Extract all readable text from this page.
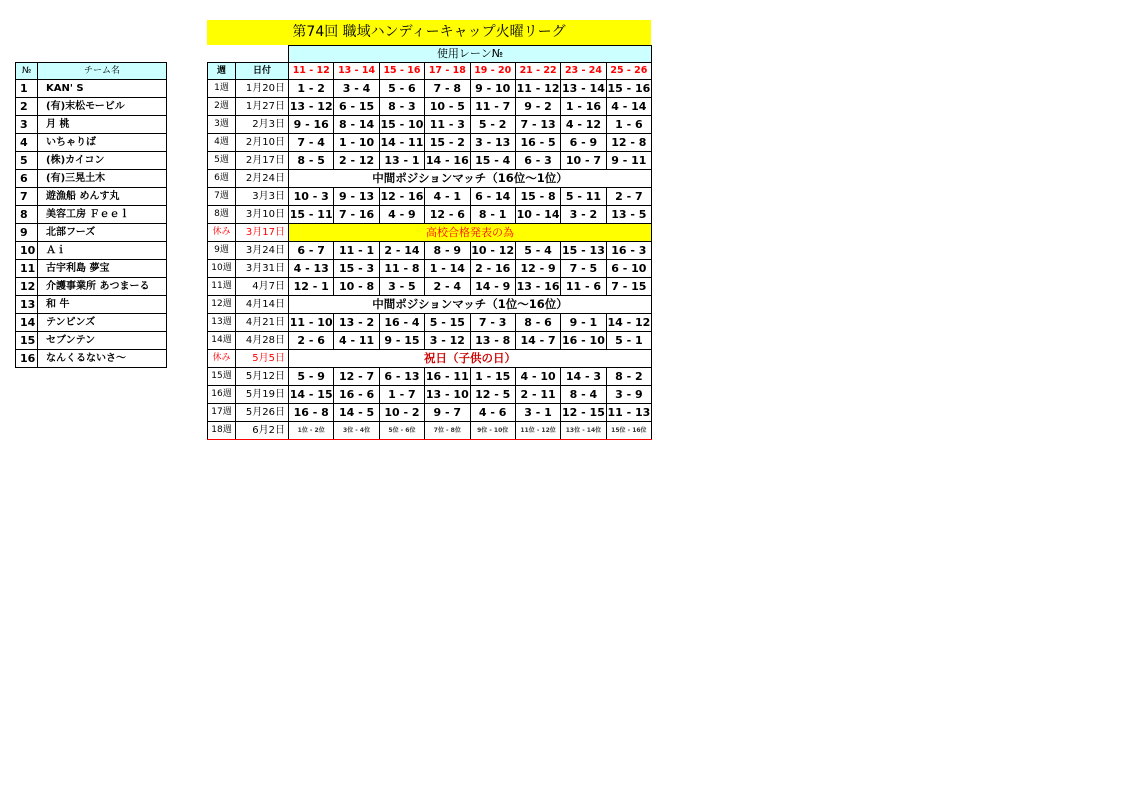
第74回 職域ハンディーキャップ火曜リーグ
№	チーム名
1	KAN' S
2	(有)末松モービル
3	月 桃
4	いちゃりば
5	(株)カイコン
6	(有)三晃土木
7	遊漁船 めんす丸
8	美容工房 Ｆｅｅｌ
9	北部フーズ
10	Ａｉ
11	古宇利島 夢宝
12	介護事業所 あつまーる
13	和 牛
14	テンピンズ
15	セブンテン
16	なんくるないさ～
		使用レーン№							
週	日付	11 - 12	13 - 14	15 - 16	17 - 18	19 - 20	21 - 22	23 - 24	25 - 26
1週	1月20日	1 - 2	3 - 4	5 - 6	7 - 8	9 - 10	11 - 12	13 - 14	15 - 16
2週	1月27日	13 - 12	6 - 15	8 - 3	10 - 5	11 - 7	9 - 2	1 - 16	4 - 14
3週	2月3日	9 - 16	8 - 14	15 - 10	11 - 3	5 - 2	7 - 13	4 - 12	1 - 6
4週	2月10日	7 - 4	1 - 10	14 - 11	15 - 2	3 - 13	16 - 5	6 - 9	12 - 8
5週	2月17日	8 - 5	2 - 12	13 - 1	14 - 16	15 - 4	6 - 3	10 - 7	9 - 11
6週	2月24日	中間ポジションマッチ（16位～1位）							
7週	3月3日	10 - 3	9 - 13	12 - 16	4 - 1	6 - 14	15 - 8	5 - 11	2 - 7
8週	3月10日	15 - 11	7 - 16	4 - 9	12 - 6	8 - 1	10 - 14	3 - 2	13 - 5
休み	3月17日	高校合格発表の為							
9週	3月24日	6 - 7	11 - 1	2 - 14	8 - 9	10 - 12	5 - 4	15 - 13	16 - 3
10週	3月31日	4 - 13	15 - 3	11 - 8	1 - 14	2 - 16	12 - 9	7 - 5	6 - 10
11週	4月7日	12 - 1	10 - 8	3 - 5	2 - 4	14 - 9	13 - 16	11 - 6	7 - 15
12週	4月14日	中間ポジションマッチ（1位～16位）							
13週	4月21日	11 - 10	13 - 2	16 - 4	5 - 15	7 - 3	8 - 6	9 - 1	14 - 12
14週	4月28日	2 - 6	4 - 11	9 - 15	3 - 12	13 - 8	14 - 7	16 - 10	5 - 1
休み	5月5日	祝日（子供の日）							
15週	5月12日	5 - 9	12 - 7	6 - 13	16 - 11	1 - 15	4 - 10	14 - 3	8 - 2
16週	5月19日	14 - 15	16 - 6	1 - 7	13 - 10	12 - 5	2 - 11	8 - 4	3 - 9
17週	5月26日	16 - 8	14 - 5	10 - 2	9 - 7	4 - 6	3 - 1	12 - 15	11 - 13
18週	6月2日	1位 - 2位	3位 - 4位	5位 - 6位	7位 - 8位	9位 - 10位	11位 - 12位	13位 - 14位	15位 - 16位
